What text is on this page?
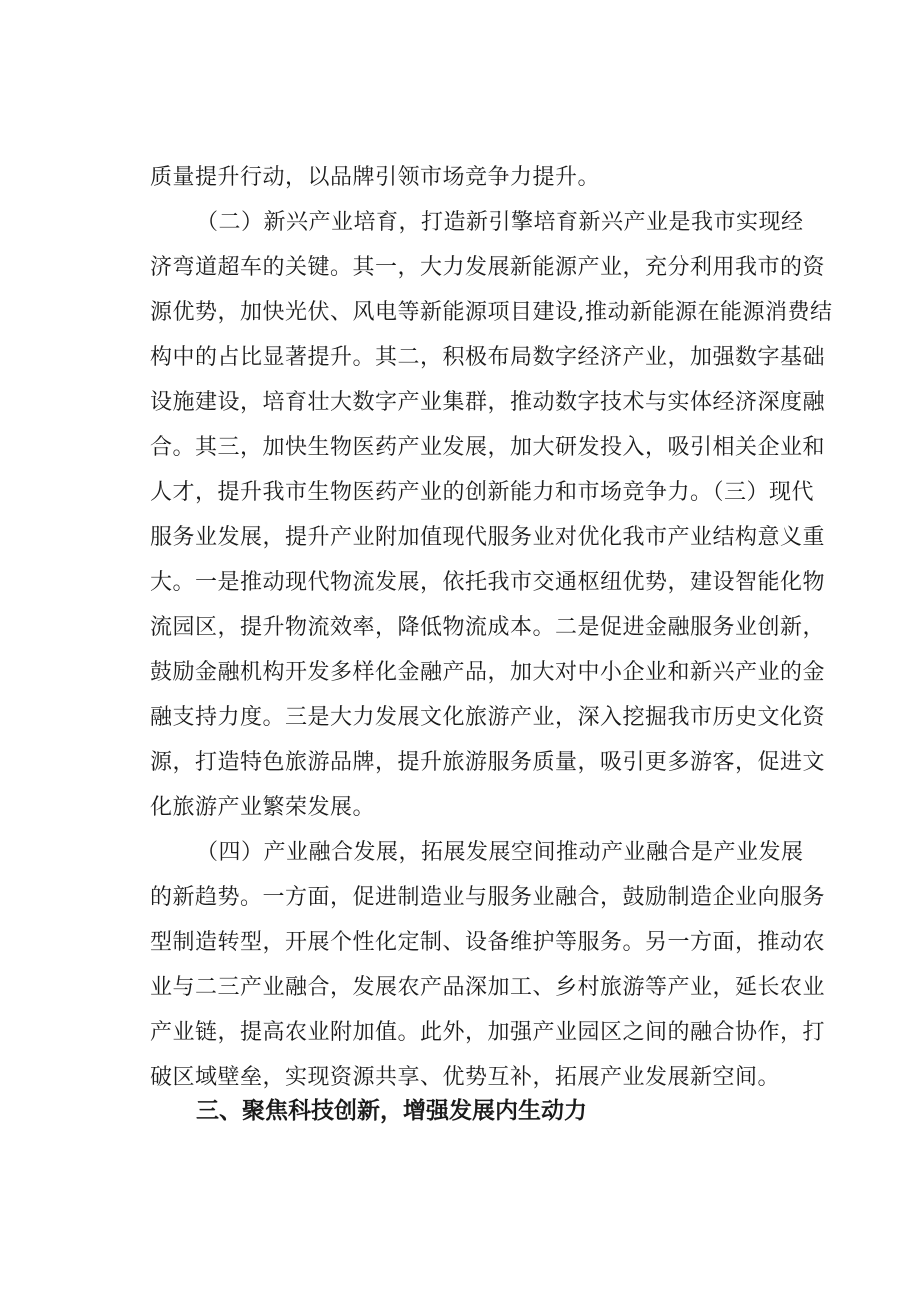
质量提升行动，以品牌引领市场竞争力提升。
（二）新兴产业培育，打造新引擎培育新兴产业是我市实现经
济弯道超车的关键。其一，大力发展新能源产业，充分利用我市的资
源优势，加快光伏、风电等新能源项目建设,推动新能源在能源消费结
构中的占比显著提升。其二，积极布局数字经济产业，加强数字基础
设施建设，培育壮大数字产业集群，推动数字技术与实体经济深度融
合。其三，加快生物医药产业发展，加大研发投入，吸引相关企业和
人才，提升我市生物医药产业的创新能力和市场竞争力。（三）现代
服务业发展，提升产业附加值现代服务业对优化我市产业结构意义重
大。一是推动现代物流发展，依托我市交通枢纽优势，建设智能化物
流园区，提升物流效率，降低物流成本。二是促进金融服务业创新，
鼓励金融机构开发多样化金融产品，加大对中小企业和新兴产业的金
融支持力度。三是大力发展文化旅游产业，深入挖掘我市历史文化资
源，打造特色旅游品牌，提升旅游服务质量，吸引更多游客，促进文
化旅游产业繁荣发展。
（四）产业融合发展，拓展发展空间推动产业融合是产业发展
的新趋势。一方面，促进制造业与服务业融合，鼓励制造企业向服务
型制造转型，开展个性化定制、设备维护等服务。另一方面，推动农
业与二三产业融合，发展农产品深加工、乡村旅游等产业，延长农业
产业链，提高农业附加值。此外，加强产业园区之间的融合协作，打
破区域壁垒，实现资源共享、优势互补，拓展产业发展新空间。
三、聚焦科技创新，增强发展内生动力
